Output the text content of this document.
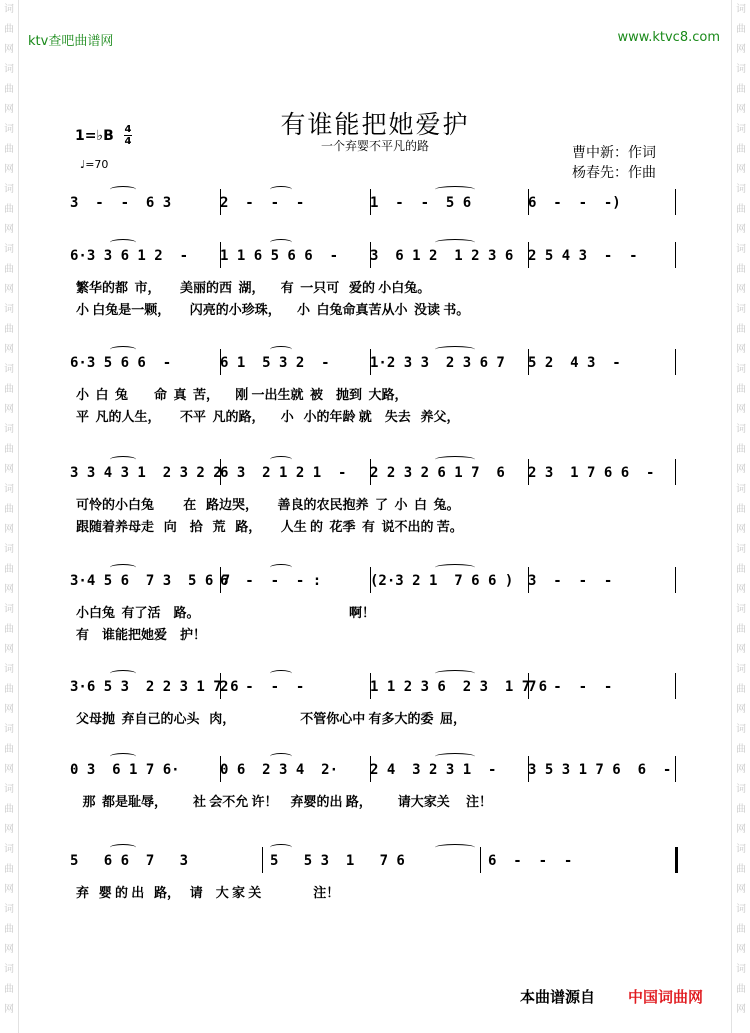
词
曲
网
词
曲
网
词
曲
网
词
曲
网
词
曲
网
词
曲
网
词
曲
网
词
曲
网
词
曲
网
词
曲
网
词
曲
网
词
曲
网
词
曲
网
词
曲
网
词
曲
网
词
曲
网
词
曲
网
词
曲
网
词
曲
网
词
曲
网
词
曲
网
词
曲
网
词
曲
网
词
曲
网
词
曲
网
词
曲
网
词
曲
网
词
曲
网
词
曲
网
词
曲
网
词
曲
网
词
曲
网
词
曲
网
词
曲
网
ktv查吧曲谱网	www.ktvc8.com
有谁能把她爱护
一个弃婴不平凡的路
1=♭B 4
4
♩=70
曹中新：作词
杨春先：作曲
3  -  -  6 3	2  -  -  -	1  -  -  5 6	6  -  -  -)
6·3 3 6 1 2  - 1 1 6 5 6 6  - 3  6 1 2  1 2 3 6 2 5 4 3  -  -
繁华的都  市，      美丽的西  湖，     有  一只可   爱的 小白兔。
小 白兔是一颗，      闪亮的小珍珠，     小  白兔命真苦从小  没读 书。
6·3 5 6 6  -	6 1  5 3 2  -	1·2 3 3  2 3 6 7 5 2  4 3  -
小  白  兔        命  真  苦，     刚 一出生就  被    抛到  大路，
平  凡的人生，      不平  凡的路，     小   小的年龄 就    失去   养父，
3 3 4 3 1  2 3 2 2
6 3  2 1 2 1  - 2 2 3 2 6 1 7  6 2 3  1 7 6 6  -
可怜的小白兔         在   路边哭，      善良的农民抱养  了  小  白  兔。
跟随着养母走   向    拾   荒   路，      人生 的  花季  有  说不出的 苦。
3·4 5 6  7 3  5 6 7
6  -  -  - :	(2·3 2 1  7 6 6 ) 3  -  -  -
小白兔  有了活    路。                                              啊！
有    谁能把她爱    护！
3·6 5 3  2 2 3 1 7 6
2  -  -  -	1 1 2 3 6  2 3  1 7 6
7  -  -  -
父母抛  弃自己的心头   肉，                    不管你心中 有多大的委  屈，
0 3  6 1 7 6·	0 6  2 3 4  2· 2 4  3 2 3 1  - 3 5 3 1 7 6  6  -
那  都是耻辱，        社 会不允 许！    弃婴的出 路，        请大家关     注！
5   6 6  7   3	5   5 3  1   7 6	6  -  -  -
弃   婴 的 出   路，   请    大 家 关                注！
本曲谱源自 中国词曲网
